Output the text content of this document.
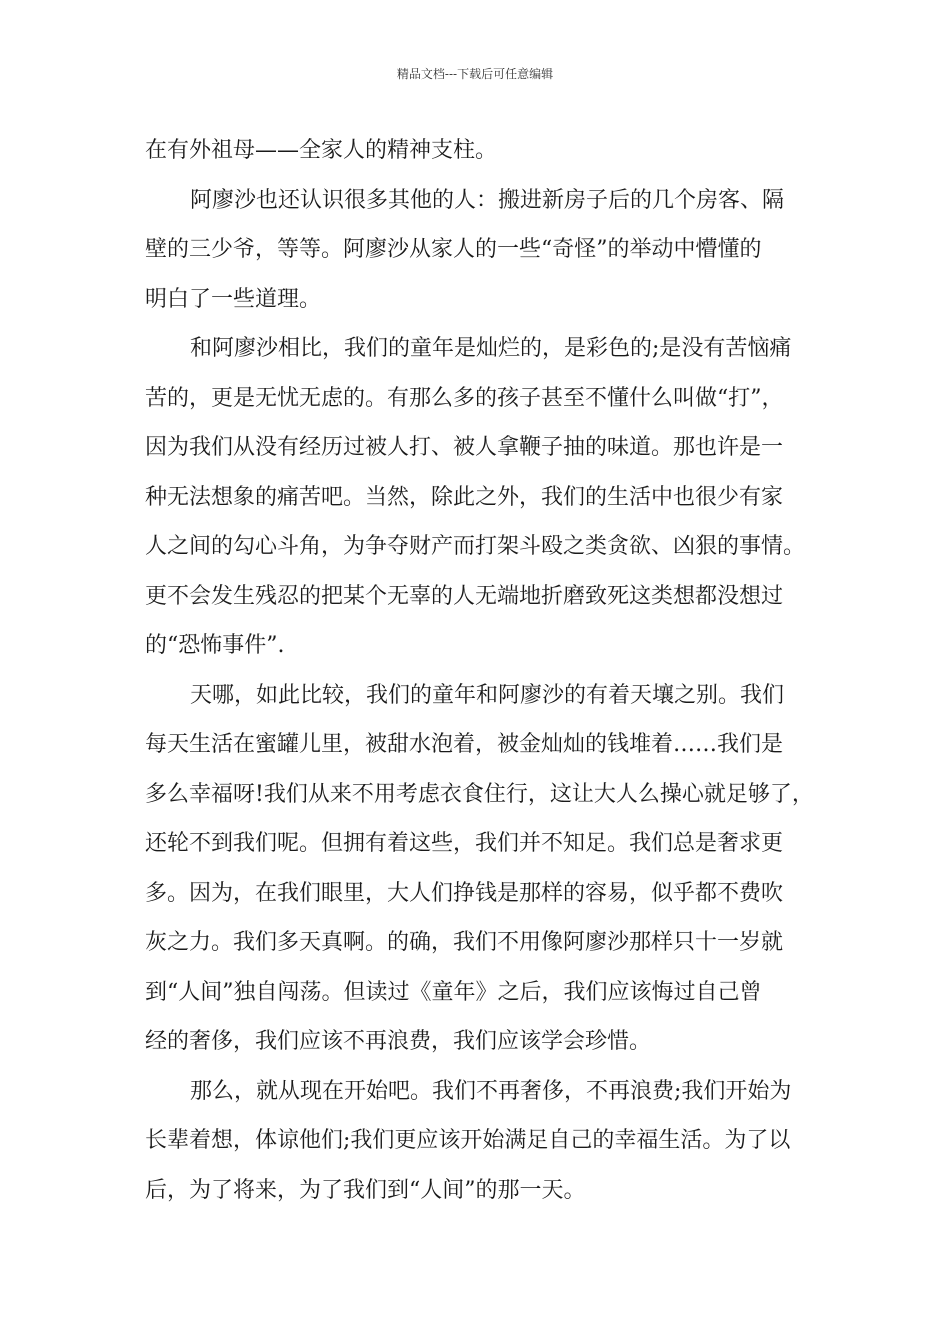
精品文档---下载后可任意编辑
在有外祖母——全家人的精神支柱。
阿廖沙也还认识很多其他的人：搬进新房子后的几个房客、隔
壁的三少爷，等等。阿廖沙从家人的一些“奇怪”的举动中懵懂的
明白了一些道理。
和阿廖沙相比，我们的童年是灿烂的，是彩色的;是没有苦恼痛
苦的，更是无忧无虑的。有那么多的孩子甚至不懂什么叫做“打”，
因为我们从没有经历过被人打、被人拿鞭子抽的味道。那也许是一
种无法想象的痛苦吧。当然，除此之外，我们的生活中也很少有家
人之间的勾心斗角，为争夺财产而打架斗殴之类贪欲、凶狠的事情。
更不会发生残忍的把某个无辜的人无端地折磨致死这类想都没想过
的“恐怖事件”.
天哪，如此比较，我们的童年和阿廖沙的有着天壤之别。我们
每天生活在蜜罐儿里，被甜水泡着，被金灿灿的钱堆着……我们是
多么幸福呀!我们从来不用考虑衣食住行，这让大人么操心就足够了，
还轮不到我们呢。但拥有着这些，我们并不知足。我们总是奢求更
多。因为，在我们眼里，大人们挣钱是那样的容易，似乎都不费吹
灰之力。我们多天真啊。的确，我们不用像阿廖沙那样只十一岁就
到“人间”独自闯荡。但读过《童年》之后，我们应该悔过自己曾
经的奢侈，我们应该不再浪费，我们应该学会珍惜。
那么，就从现在开始吧。我们不再奢侈，不再浪费;我们开始为
长辈着想，体谅他们;我们更应该开始满足自己的幸福生活。为了以
后，为了将来，为了我们到“人间”的那一天。
